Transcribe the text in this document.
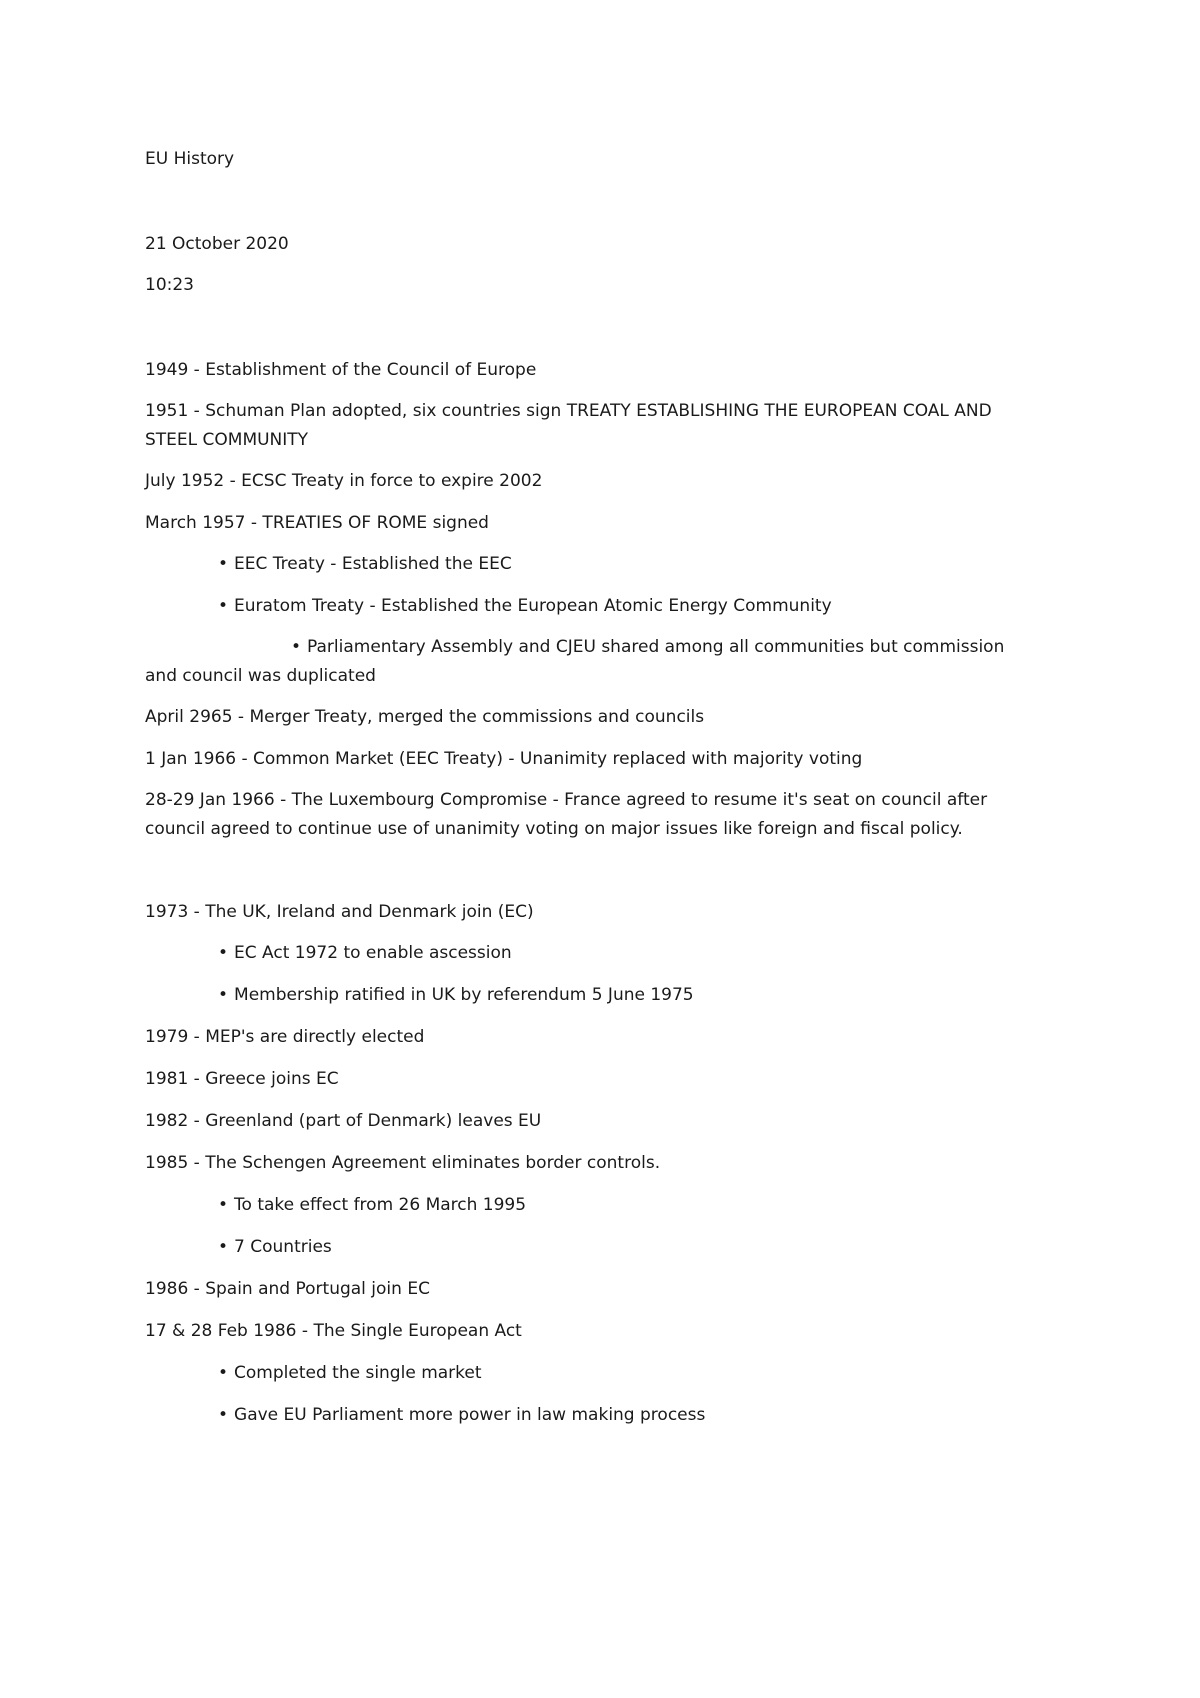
EU History
21 October 2020
10:23
1949 - Establishment of the Council of Europe
1951 - Schuman Plan adopted, six countries sign TREATY ESTABLISHING THE EUROPEAN COAL AND STEEL COMMUNITY
July 1952 - ECSC Treaty in force to expire 2002
March 1957 - TREATIES OF ROME signed
• EEC Treaty - Established the EEC
• Euratom Treaty - Established the European Atomic Energy Community
• Parliamentary Assembly and CJEU shared among all communities but commission and council was duplicated
April 2965 - Merger Treaty, merged the commissions and councils
1 Jan 1966 - Common Market (EEC Treaty) - Unanimity replaced with majority voting
28-29 Jan 1966 - The Luxembourg Compromise - France agreed to resume it's seat on council after council agreed to continue use of unanimity voting on major issues like foreign and fiscal policy.
1973 - The UK, Ireland and Denmark join (EC)
• EC Act 1972 to enable ascession
• Membership ratified in UK by referendum 5 June 1975
1979 - MEP's are directly elected
1981 - Greece joins EC
1982 - Greenland (part of Denmark) leaves EU
1985 - The Schengen Agreement eliminates border controls.
• To take effect from 26 March 1995
• 7 Countries
1986 - Spain and Portugal join EC
17 & 28 Feb 1986 - The Single European Act
• Completed the single market
• Gave EU Parliament more power in law making process
